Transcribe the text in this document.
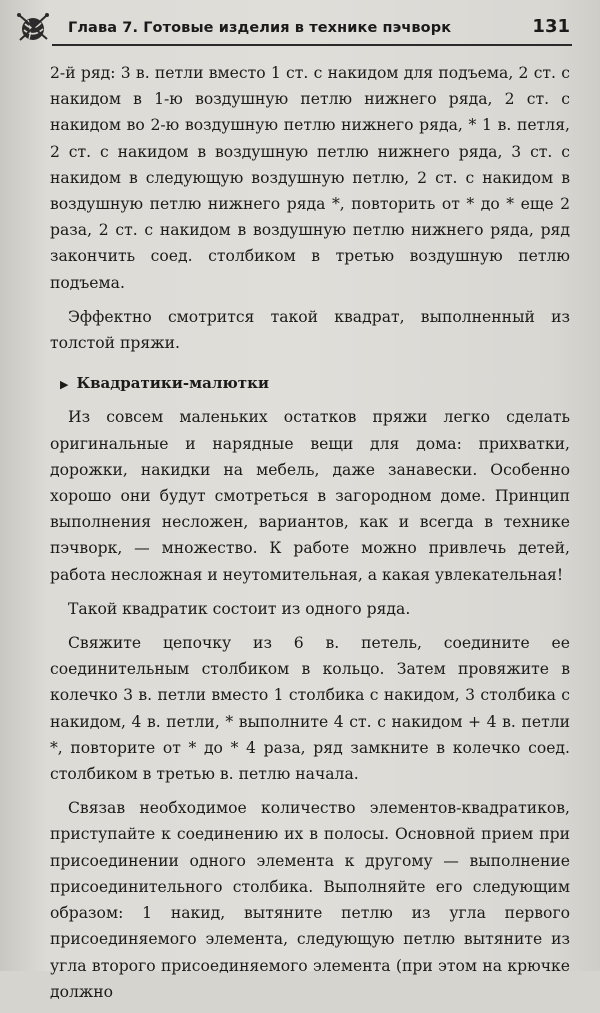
Глава 7. Готовые изделия в технике пэчворк	131

2-й ряд: 3 в. петли вместо 1 ст. с накидом для подъема, 2 ст. с накидом в 1-ю воздушную петлю нижнего ряда, 2 ст. с накидом во 2-ю воздушную петлю нижнего ряда, * 1 в. петля, 2 ст. с накидом в воздушную петлю нижнего ряда, 3 ст. с накидом в следующую воздушную петлю, 2 ст. с накидом в воздушную петлю нижнего ряда *, повторить от * до * еще 2 раза, 2 ст. с накидом в воздушную петлю нижнего ряда, ряд закончить соед. столбиком в третью воздушную петлю подъема.

Эффектно смотрится такой квадрат, выполненный из толстой пряжи.

▶ Квадратики-малютки

Из совсем маленьких остатков пряжи легко сделать оригинальные и нарядные вещи для дома: прихватки, дорожки, накидки на мебель, даже занавески. Особенно хорошо они будут смотреться в загородном доме. Принцип выполнения несложен, вариантов, как и всегда в технике пэчворк, — множество. К работе можно привлечь детей, работа несложная и неутомительная, а какая увлекательная!

Такой квадратик состоит из одного ряда.

Свяжите цепочку из 6 в. петель, соедините ее соединительным столбиком в кольцо. Затем провяжите в колечко 3 в. петли вместо 1 столбика с накидом, 3 столбика с накидом, 4 в. петли, * выполните 4 ст. с накидом + 4 в. петли *, повторите от * до * 4 раза, ряд замкните в колечко соед. столбиком в третью в. петлю начала.

Связав необходимое количество элементов-квадратиков, приступайте к соединению их в полосы. Основной прием при присоединении одного элемента к другому — выполнение присоединительного столбика. Выполняйте его следующим образом: 1 накид, вытяните петлю из угла первого присоединяемого элемента, следующую петлю вытяните из угла второго присоединяемого элемента (при этом на крючке должно
